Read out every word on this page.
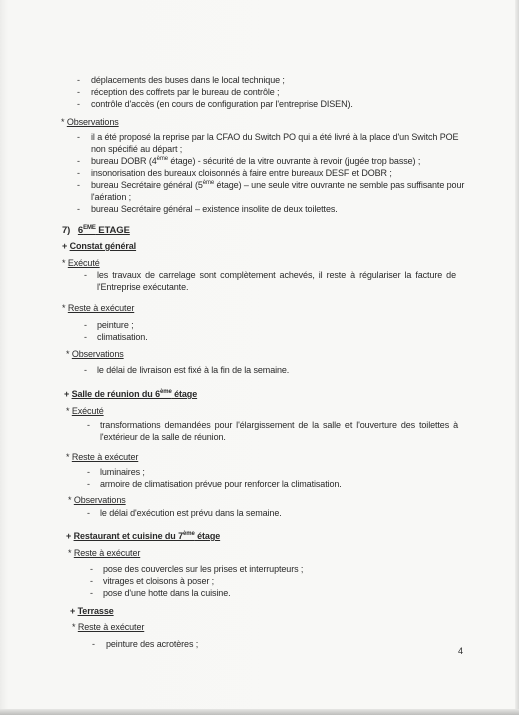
- déplacements des buses dans le local technique ;
- réception des coffrets par le bureau de contrôle ;
- contrôle d'accès (en cours de configuration par l'entreprise DISEN).
* Observations
- il a été proposé la reprise par la CFAO du Switch PO qui a été livré à la place d'un Switch POE
non spécifié au départ ;
- bureau DOBR (4ème étage) - sécurité de la vitre ouvrante à revoir (jugée trop basse) ;
- insonorisation des bureaux cloisonnés à faire entre bureaux DESF et DOBR ;
- bureau Secrétaire général (5ème étage) – une seule vitre ouvrante ne semble pas suffisante pour
l'aération ;
- bureau Secrétaire général – existence insolite de deux toilettes.
7) 6EME ETAGE
+ Constat général
* Exécuté
- les travaux de carrelage sont complètement achevés, il reste à régulariser la facture de
l'Entreprise exécutante.
* Reste à exécuter
- peinture ;
- climatisation.
* Observations
- le délai de livraison est fixé à la fin de la semaine.
+ Salle de réunion du 6ème étage
* Exécuté
- transformations demandées pour l'élargissement de la salle et l'ouverture des toilettes à
l'extérieur de la salle de réunion.
* Reste à exécuter
- luminaires ;
- armoire de climatisation prévue pour renforcer la climatisation.
* Observations
- le délai d'exécution est prévu dans la semaine.
+ Restaurant et cuisine du 7ème étage
* Reste à exécuter
- pose des couvercles sur les prises et interrupteurs ;
- vitrages et cloisons à poser ;
- pose d'une hotte dans la cuisine.
+ Terrasse
* Reste à exécuter
- peinture des acrotères ;
4
